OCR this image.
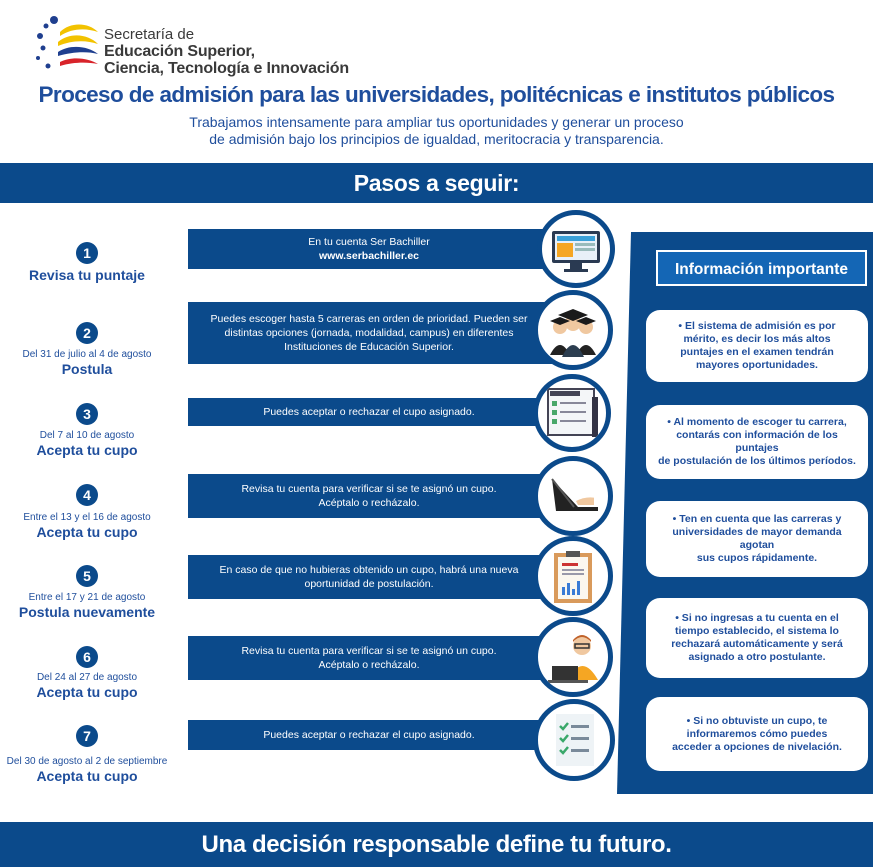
Secretaría de
Educación Superior,
Ciencia, Tecnología e Innovación
Proceso de admisión para las universidades, politécnicas e institutos públicos
Trabajamos intensamente para ampliar tus oportunidades y generar un proceso
de admisión bajo los principios de igualdad, meritocracia y transparencia.
Pasos a seguir:
Información importante
• El sistema de admisión es por
mérito, es decir los más altos
puntajes en el examen tendrán
mayores oportunidades.
• Al momento de escoger tu carrera,
contarás con información de los puntajes
de postulación de los últimos períodos.
• Ten en cuenta que las carreras y
universidades de mayor demanda agotan
sus cupos rápidamente.
• Si no ingresas a tu cuenta en el
tiempo establecido, el sistema lo
rechazará automáticamente y será
asignado a otro postulante.
• Si no obtuviste un cupo, te
informaremos cómo puedes
acceder a opciones de nivelación.
1
Revisa tu puntaje
En tu cuenta Ser Bachiller
www.serbachiller.ec
2
Del 31 de julio al 4 de agosto
Postula
Puedes escoger hasta 5 carreras en orden de prioridad. Pueden ser
distintas opciones (jornada, modalidad, campus) en diferentes
Instituciones de Educación Superior.
3
Del 7 al 10 de agosto
Acepta tu cupo
Puedes aceptar o rechazar el cupo asignado.
4
Entre el 13 y el 16 de agosto
Acepta tu cupo
Revisa tu cuenta para verificar si se te asignó un cupo.
Acéptalo o recházalo.
5
Entre el 17 y 21 de agosto
Postula nuevamente
En caso de que no hubieras obtenido un cupo, habrá una nueva
oportunidad de postulación.
6
Del 24 al 27 de agosto
Acepta tu cupo
Revisa tu cuenta para verificar si se te asignó un cupo.
Acéptalo o recházalo.
7
Del 30 de agosto al 2 de septiembre
Acepta tu cupo
Puedes aceptar o rechazar el cupo asignado.
Una decisión responsable define tu futuro.
